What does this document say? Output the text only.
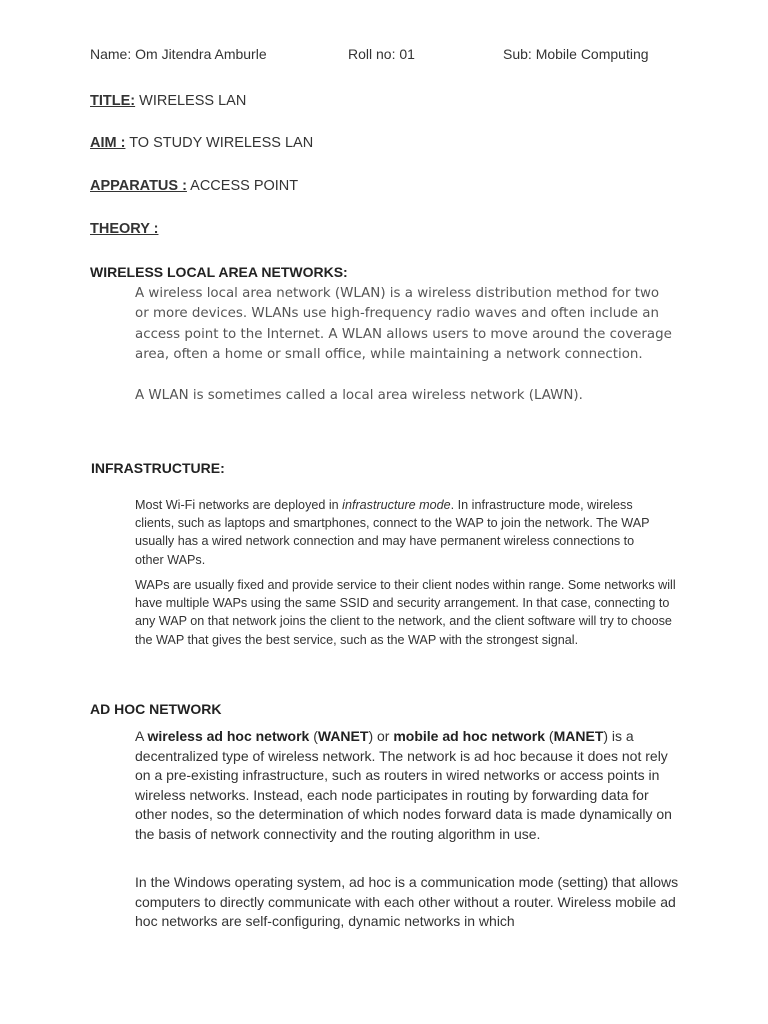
Name: Om Jitendra Amburle	Roll no: 01	Sub: Mobile Computing
TITLE: WIRELESS LAN
AIM : TO STUDY WIRELESS LAN
APPARATUS : ACCESS POINT
THEORY :
WIRELESS LOCAL AREA NETWORKS:
A wireless local area network (WLAN) is a wireless distribution method for two or more devices. WLANs use high-frequency radio waves and often include an access point to the Internet. A WLAN allows users to move around the coverage area, often a home or small office, while maintaining a network connection.
A WLAN is sometimes called a local area wireless network (LAWN).
INFRASTRUCTURE:
Most Wi-Fi networks are deployed in infrastructure mode. In infrastructure mode, wireless clients, such as laptops and smartphones, connect to the WAP to join the network. The WAP usually has a wired network connection and may have permanent wireless connections to other WAPs.
WAPs are usually fixed and provide service to their client nodes within range. Some networks will have multiple WAPs using the same SSID and security arrangement. In that case, connecting to any WAP on that network joins the client to the network, and the client software will try to choose the WAP that gives the best service, such as the WAP with the strongest signal.
AD HOC NETWORK
A wireless ad hoc network (WANET) or mobile ad hoc network (MANET) is a decentralized type of wireless network. The network is ad hoc because it does not rely on a pre-existing infrastructure, such as routers in wired networks or access points in wireless networks. Instead, each node participates in routing by forwarding data for other nodes, so the determination of which nodes forward data is made dynamically on the basis of network connectivity and the routing algorithm in use.
In the Windows operating system, ad hoc is a communication mode (setting) that allows computers to directly communicate with each other without a router. Wireless mobile ad hoc networks are self-configuring, dynamic networks in which
